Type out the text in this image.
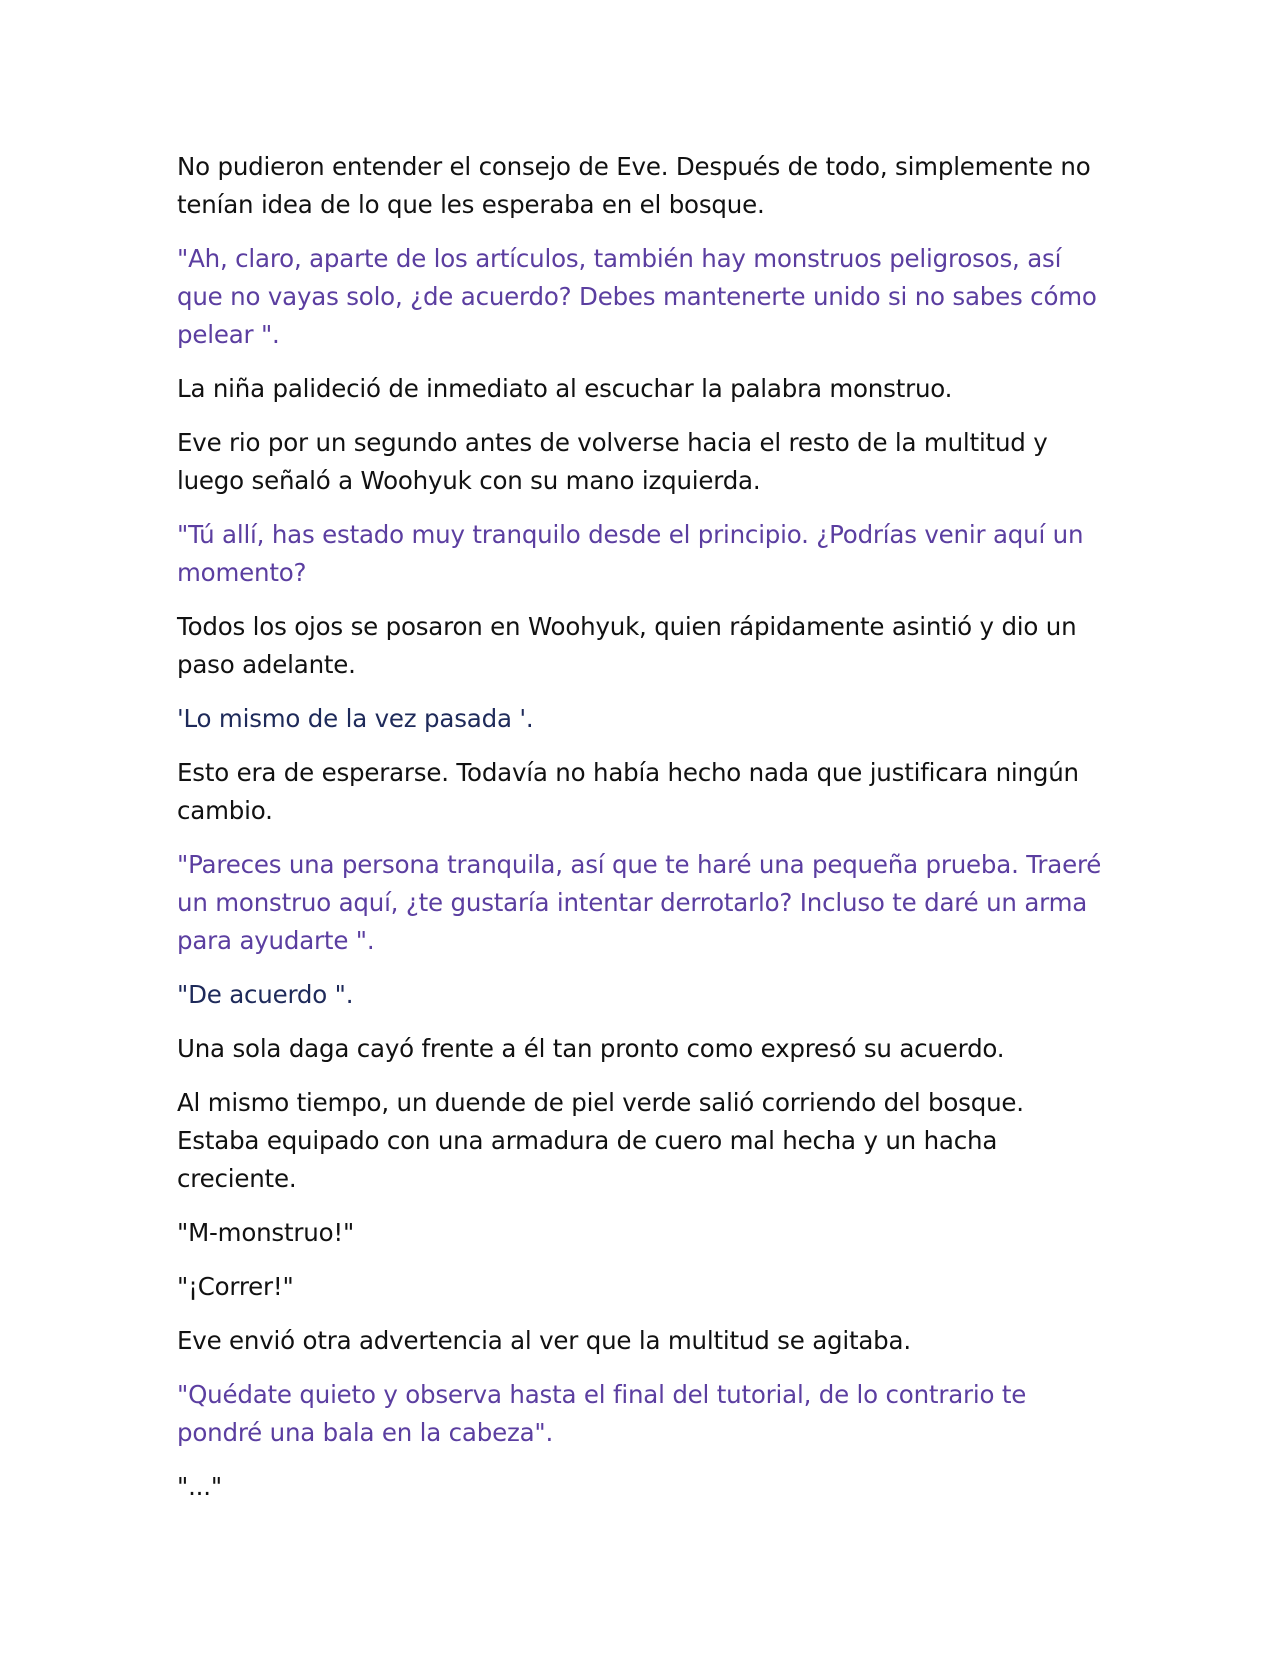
No pudieron entender el consejo de Eve. Después de todo, simplemente no tenían idea de lo que les esperaba en el bosque.

"Ah, claro, aparte de los artículos, también hay monstruos peligrosos, así que no vayas solo, ¿de acuerdo? Debes mantenerte unido si no sabes cómo pelear ".

La niña palideció de inmediato al escuchar la palabra monstruo.

Eve rio por un segundo antes de volverse hacia el resto de la multitud y luego señaló a Woohyuk con su mano izquierda.

"Tú allí, has estado muy tranquilo desde el principio. ¿Podrías venir aquí un momento?

Todos los ojos se posaron en Woohyuk, quien rápidamente asintió y dio un paso adelante.

'Lo mismo de la vez pasada '.

Esto era de esperarse. Todavía no había hecho nada que justificara ningún cambio.

"Pareces una persona tranquila, así que te haré una pequeña prueba. Traeré un monstruo aquí, ¿te gustaría intentar derrotarlo? Incluso te daré un arma para ayudarte ".

"De acuerdo ".

Una sola daga cayó frente a él tan pronto como expresó su acuerdo.

Al mismo tiempo, un duende de piel verde salió corriendo del bosque. Estaba equipado con una armadura de cuero mal hecha y un hacha creciente.

"M-monstruo!"

"¡Correr!"

Eve envió otra advertencia al ver que la multitud se agitaba.

"Quédate quieto y observa hasta el final del tutorial, de lo contrario te pondré una bala en la cabeza".

"..."
